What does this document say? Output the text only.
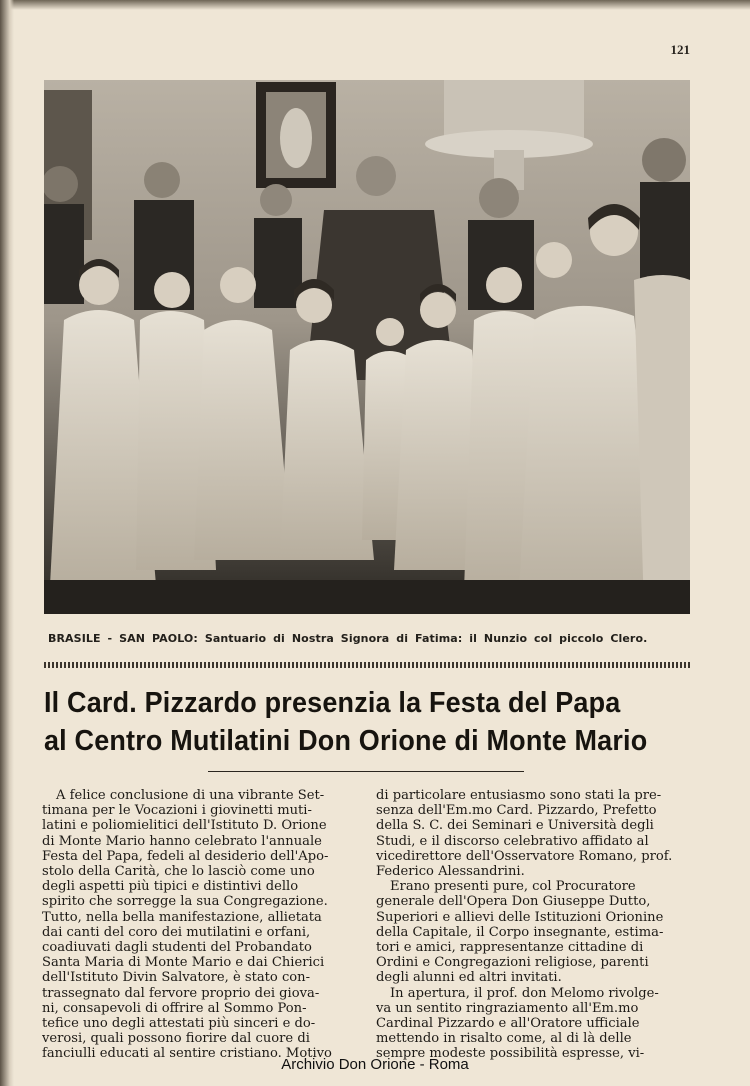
121
BRASILE - SAN PAOLO: Santuario di Nostra Signora di Fatima: il Nunzio col piccolo Clero.
Il Card. Pizzardo presenzia la Festa del Papa
al Centro Mutilatini Don Orione di Monte Mario
A felice conclusione di una vibrante Set-
timana per le Vocazioni i giovinetti muti-
latini e poliomielitici dell'Istituto D. Orione
di Monte Mario hanno celebrato l'annuale
Festa del Papa, fedeli al desiderio dell'Apo-
stolo della Carità, che lo lasciò come uno
degli aspetti più tipici e distintivi dello
spirito che sorregge la sua Congregazione.
Tutto, nella bella manifestazione, allietata
dai canti del coro dei mutilatini e orfani,
coadiuvati dagli studenti del Probandato
Santa Maria di Monte Mario e dai Chierici
dell'Istituto Divin Salvatore, è stato con-
trassegnato dal fervore proprio dei giova-
ni, consapevoli di offrire al Sommo Pon-
tefice uno degli attestati più sinceri e do-
verosi, quali possono fiorire dal cuore di
fanciulli educati al sentire cristiano. Motivo
di particolare entusiasmo sono stati la pre-
senza dell'Em.mo Card. Pizzardo, Prefetto
della S. C. dei Seminari e Università degli
Studi, e il discorso celebrativo affidato al
vicedirettore dell'Osservatore Romano, prof.
Federico Alessandrini.
Erano presenti pure, col Procuratore
generale dell'Opera Don Giuseppe Dutto,
Superiori e allievi delle Istituzioni Orionine
della Capitale, il Corpo insegnante, estima-
tori e amici, rappresentanze cittadine di
Ordini e Congregazioni religiose, parenti
degli alunni ed altri invitati.
In apertura, il prof. don Melomo rivolge-
va un sentito ringraziamento all'Em.mo
Cardinal Pizzardo e all'Oratore ufficiale
mettendo in risalto come, al di là delle
sempre modeste possibilità espresse, vi-
Archivio Don Orione - Roma
